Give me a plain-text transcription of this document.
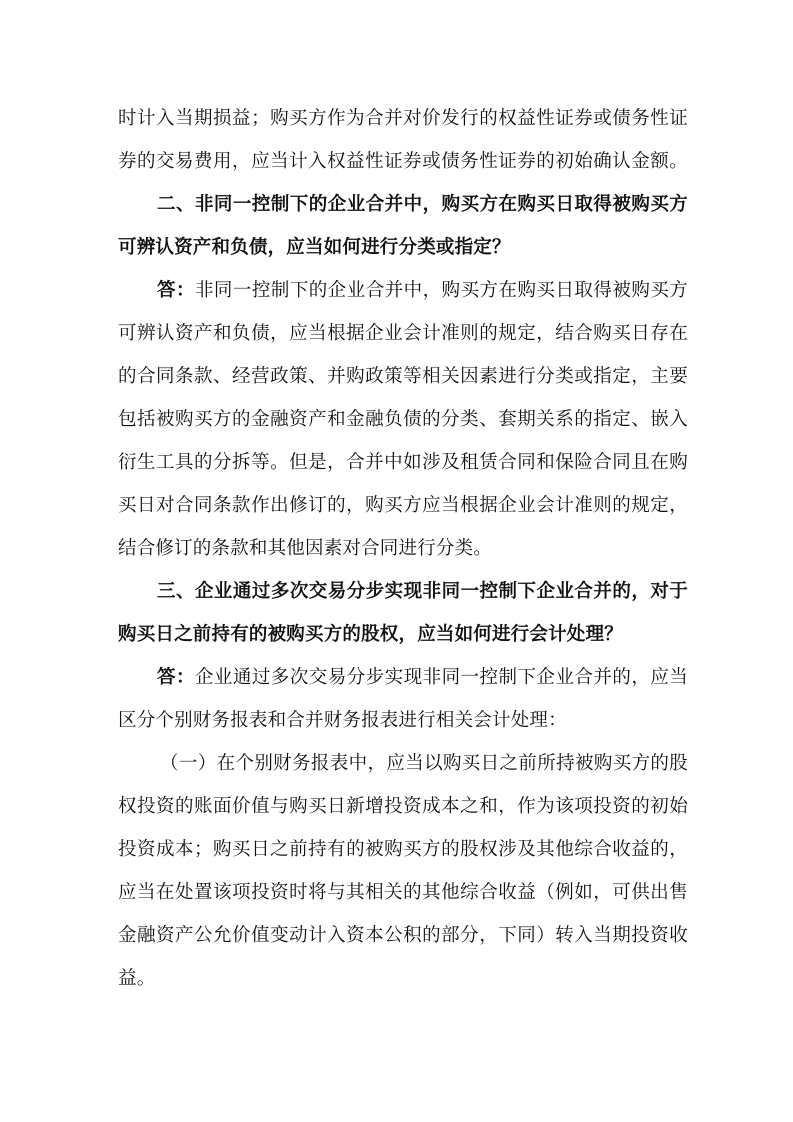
时计入当期损益；购买方作为合并对价发行的权益性证券或债务性证
券的交易费用，应当计入权益性证券或债务性证券的初始确认金额。
二、非同一控制下的企业合并中，购买方在购买日取得被购买方
可辨认资产和负债，应当如何进行分类或指定？
答：非同一控制下的企业合并中，购买方在购买日取得被购买方
可辨认资产和负债，应当根据企业会计准则的规定，结合购买日存在
的合同条款、经营政策、并购政策等相关因素进行分类或指定，主要
包括被购买方的金融资产和金融负债的分类、套期关系的指定、嵌入
衍生工具的分拆等。但是，合并中如涉及租赁合同和保险合同且在购
买日对合同条款作出修订的，购买方应当根据企业会计准则的规定，
结合修订的条款和其他因素对合同进行分类。
三、企业通过多次交易分步实现非同一控制下企业合并的，对于
购买日之前持有的被购买方的股权，应当如何进行会计处理？
答：企业通过多次交易分步实现非同一控制下企业合并的，应当
区分个别财务报表和合并财务报表进行相关会计处理：
（一）在个别财务报表中，应当以购买日之前所持被购买方的股
权投资的账面价值与购买日新增投资成本之和，作为该项投资的初始
投资成本；购买日之前持有的被购买方的股权涉及其他综合收益的，
应当在处置该项投资时将与其相关的其他综合收益（例如，可供出售
金融资产公允价值变动计入资本公积的部分，下同）转入当期投资收
益。
